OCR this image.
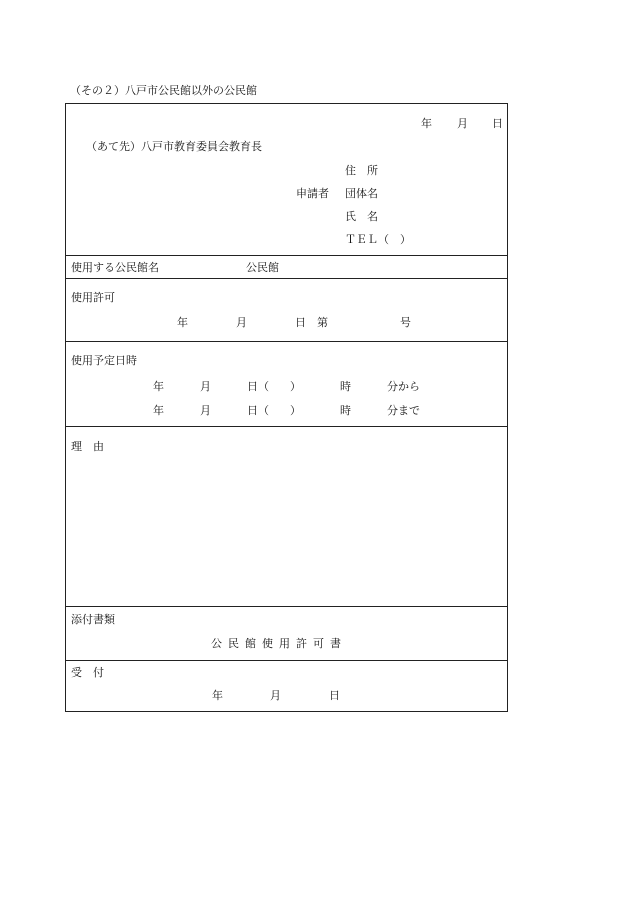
（その２）八戸市公民館以外の公民館
年 月 日
（あて先）八戸市教育委員会教育長
住　所
申請者 団体名
氏　名
ＴＥＬ（　）
使用する公民館名	公民館
使用許可
年	月	日 第	号
使用予定日時
年	月	日（ ）	時	分から
年	月	日（ ）	時	分まで
理　由
添付書類
公民館使用許可書
受　付
年	月	日
